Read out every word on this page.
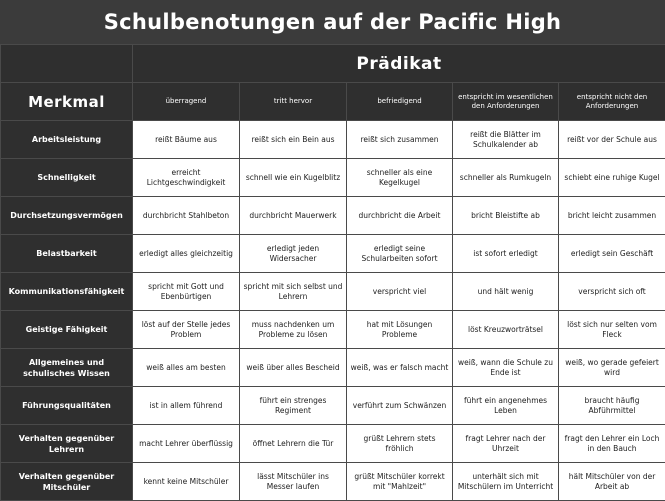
Schulbenotungen auf der Pacific High
	Prädikat				
Merkmal	überragend	tritt hervor	befriedigend	entspricht im wesentlichen den Anforderungen	entspricht nicht den Anforderungen
Arbeitsleistung	reißt Bäume aus	reißt sich ein Bein aus	reißt sich zusammen	reißt die Blätter im Schulkalender ab	reißt vor der Schule aus
Schnelligkeit	erreicht Lichtgeschwindigkeit	schnell wie ein Kugelblitz	schneller als eine Kegelkugel	schneller als Rumkugeln	schiebt eine ruhige Kugel
Durchsetzungsvermögen	durchbricht Stahlbeton	durchbricht Mauerwerk	durchbricht die Arbeit	bricht Bleistifte ab	bricht leicht zusammen
Belastbarkeit	erledigt alles gleichzeitig	erledigt jeden Widersacher	erledigt seine Schularbeiten sofort	ist sofort erledigt	erledigt sein Geschäft
Kommunikationsfähigkeit	spricht mit Gott und Ebenbürtigen	spricht mit sich selbst und Lehrern	verspricht viel	und hält wenig	verspricht sich oft
Geistige Fähigkeit	löst auf der Stelle jedes Problem	muss nachdenken um Probleme zu lösen	hat mit Lösungen Probleme	löst Kreuzworträtsel	löst sich nur selten vom Fleck
Allgemeines und schulisches Wissen	weiß alles am besten	weiß über alles Bescheid	weiß, was er falsch macht	weiß, wann die Schule zu Ende ist	weiß, wo gerade gefeiert wird
Führungsqualitäten	ist in allem führend	führt ein strenges Regiment	verführt zum Schwänzen	führt ein angenehmes Leben	braucht häufig Abführmittel
Verhalten gegenüber Lehrern	macht Lehrer überflüssig	öffnet Lehrern die Tür	grüßt Lehrern stets fröhlich	fragt Lehrer nach der Uhrzeit	fragt den Lehrer ein Loch in den Bauch
Verhalten gegenüber Mitschüler	kennt keine Mitschüler	lässt Mitschüler ins Messer laufen	grüßt Mitschüler korrekt mit "Mahlzeit"	unterhält sich mit Mitschülern im Unterricht	hält Mitschüler von der Arbeit ab
